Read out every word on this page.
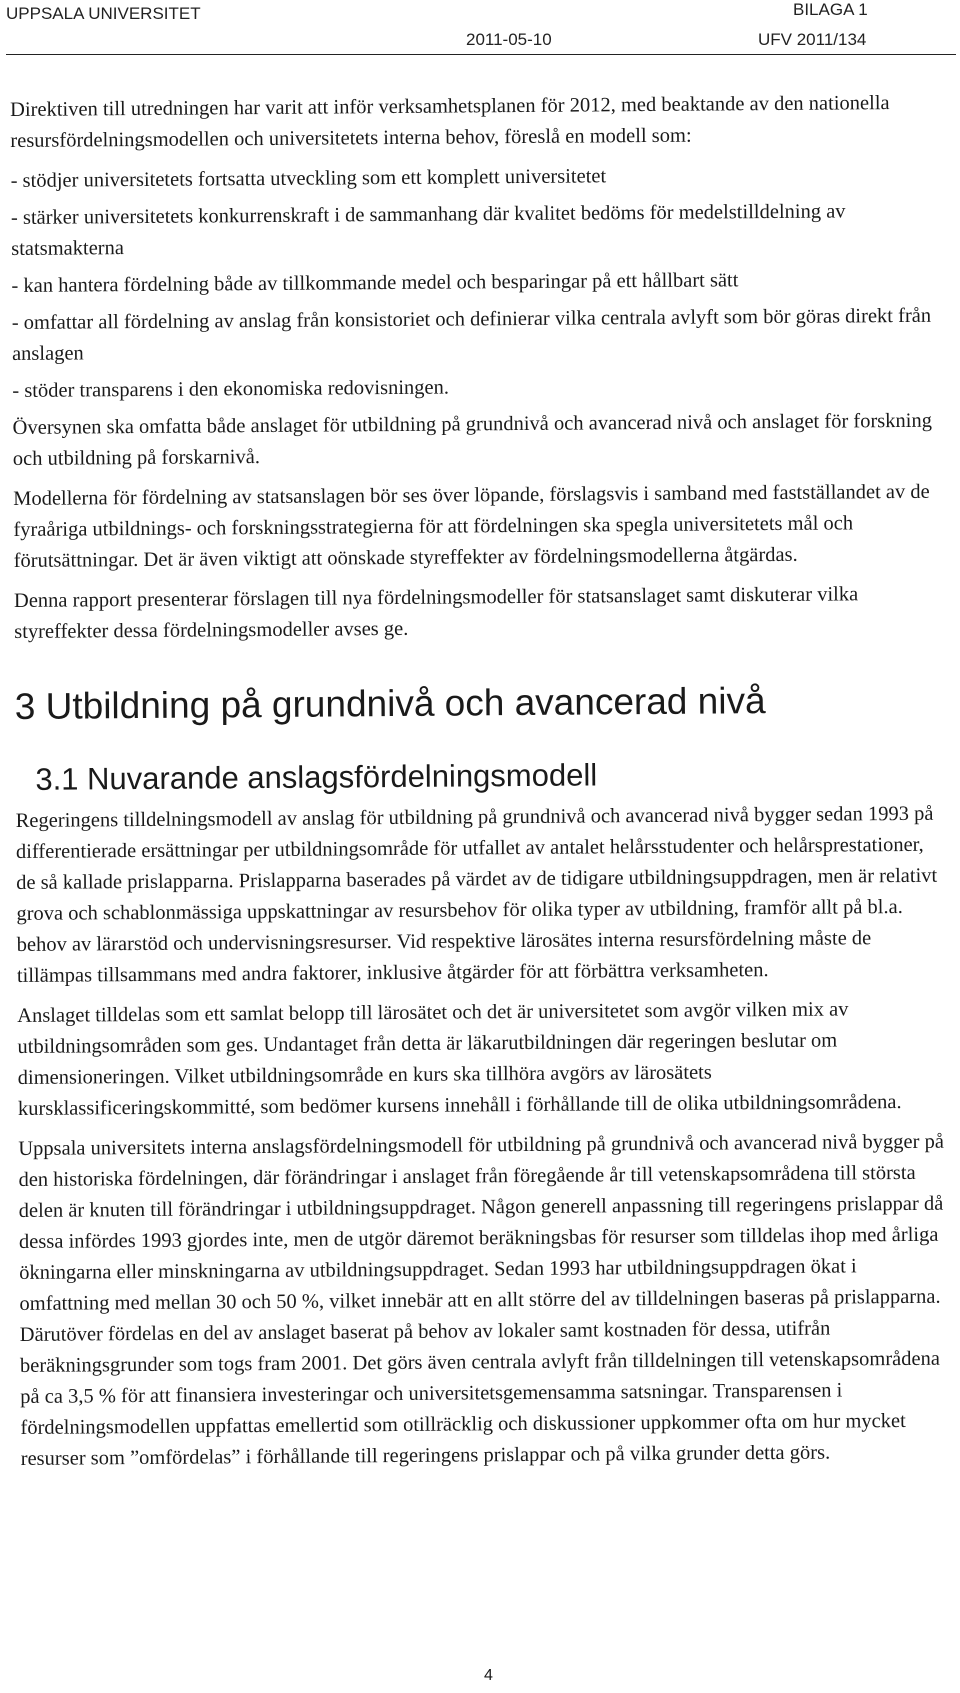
UPPSALA UNIVERSITET	BILAGA 1
2011-05-10	UFV 2011/134

Direktiven till utredningen har varit att inför verksamhetsplanen för 2012, med beaktande av den nationella resursfördelningsmodellen och universitetets interna behov, föreslå en modell som:

- stödjer universitetets fortsatta utveckling som ett komplett universitetet

- stärker universitetets konkurrenskraft i de sammanhang där kvalitet bedöms för medelstilldelning av statsmakterna

- kan hantera fördelning både av tillkommande medel och besparingar på ett hållbart sätt

- omfattar all fördelning av anslag från konsistoriet och definierar vilka centrala avlyft som bör göras direkt från anslagen

- stöder transparens i den ekonomiska redovisningen.

Översynen ska omfatta både anslaget för utbildning på grundnivå och avancerad nivå och anslaget för forskning och utbildning på forskarnivå.

Modellerna för fördelning av statsanslagen bör ses över löpande, förslagsvis i samband med fastställandet av de fyraåriga utbildnings- och forskningsstrategierna för att fördelningen ska spegla universitetets mål och förutsättningar. Det är även viktigt att oönskade styreffekter av fördelningsmodellerna åtgärdas.

Denna rapport presenterar förslagen till nya fördelningsmodeller för statsanslaget samt diskuterar vilka styreffekter dessa fördelningsmodeller avses ge.

3 Utbildning på grundnivå och avancerad nivå
3.1 Nuvarande anslagsfördelningsmodell

Regeringens tilldelningsmodell av anslag för utbildning på grundnivå och avancerad nivå bygger sedan 1993 på differentierade ersättningar per utbildningsområde för utfallet av antalet helårsstudenter och helårsprestationer, de så kallade prislapparna. Prislapparna baserades på värdet av de tidigare utbildningsuppdragen, men är relativt grova och schablonmässiga uppskattningar av resursbehov för olika typer av utbildning, framför allt på bl.a. behov av lärarstöd och undervisningsresurser. Vid respektive lärosätes interna resursfördelning måste de tillämpas tillsammans med andra faktorer, inklusive åtgärder för att förbättra verksamheten.

Anslaget tilldelas som ett samlat belopp till lärosätet och det är universitetet som avgör vilken mix av utbildningsområden som ges. Undantaget från detta är läkarutbildningen där regeringen beslutar om dimensioneringen. Vilket utbildningsområde en kurs ska tillhöra avgörs av lärosätets kursklassificeringskommitté, som bedömer kursens innehåll i förhållande till de olika utbildningsområdena.

Uppsala universitets interna anslagsfördelningsmodell för utbildning på grundnivå och avancerad nivå bygger på den historiska fördelningen, där förändringar i anslaget från föregående år till vetenskapsområdena till största delen är knuten till förändringar i utbildningsuppdraget. Någon generell anpassning till regeringens prislappar då dessa infördes 1993 gjordes inte, men de utgör däremot beräkningsbas för resurser som tilldelas ihop med årliga ökningarna eller minskningarna av utbildningsuppdraget. Sedan 1993 har utbildningsuppdragen ökat i omfattning med mellan 30 och 50 %, vilket innebär att en allt större del av tilldelningen baseras på prislapparna. Därutöver fördelas en del av anslaget baserat på behov av lokaler samt kostnaden för dessa, utifrån beräkningsgrunder som togs fram 2001. Det görs även centrala avlyft från tilldelningen till vetenskapsområdena på ca 3,5 % för att finansiera investeringar och universitetsgemensamma satsningar. Transparensen i fördelningsmodellen uppfattas emellertid som otillräcklig och diskussioner uppkommer ofta om hur mycket resurser som ”omfördelas” i förhållande till regeringens prislappar och på vilka grunder detta görs.

4
